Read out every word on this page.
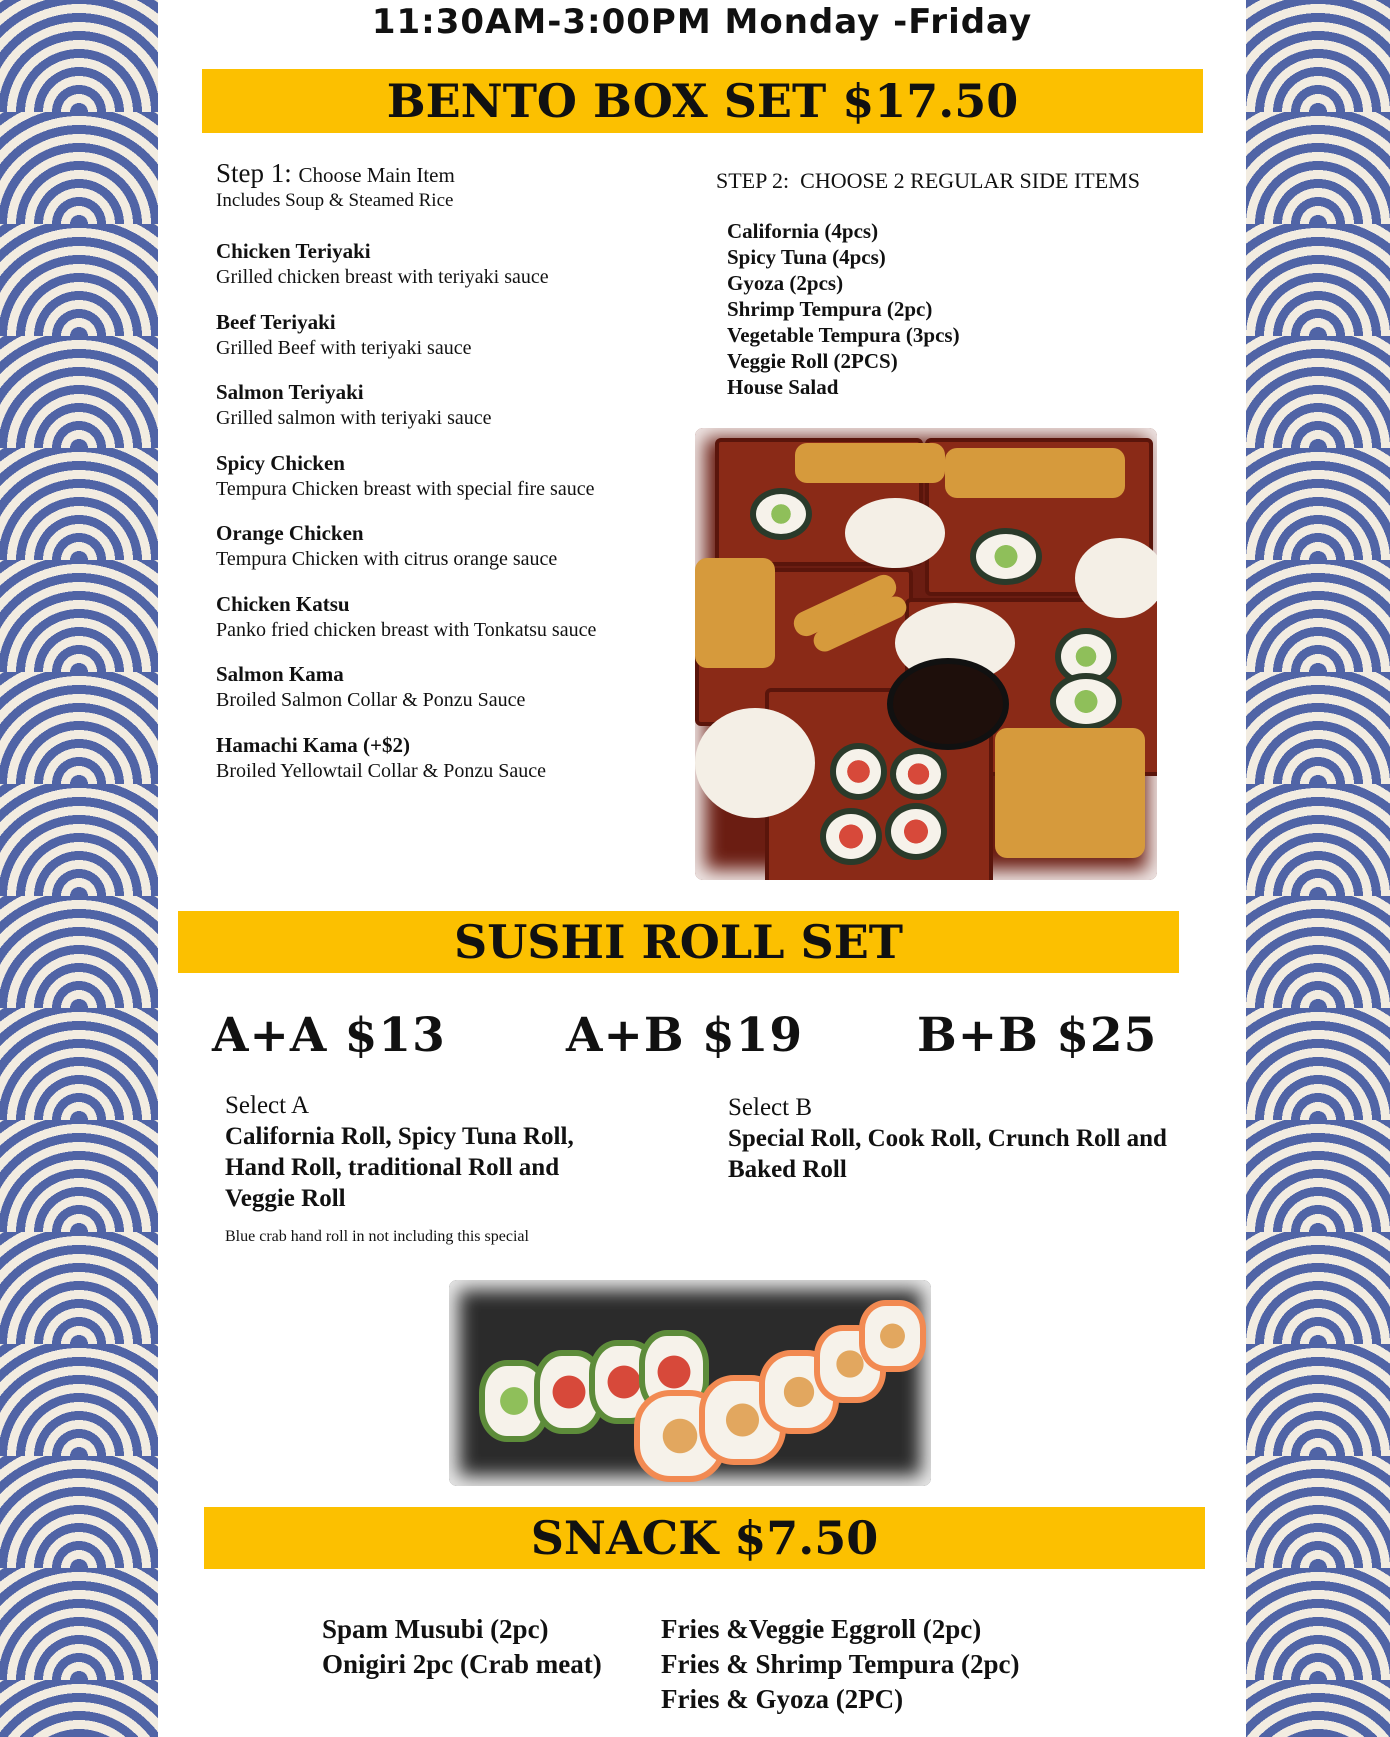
11:30AM-3:00PM Monday -Friday
BENTO BOX SET $17.50
Step 1: Choose Main Item
Includes Soup & Steamed Rice
Chicken Teriyaki
Grilled chicken breast with teriyaki sauce
Beef Teriyaki
Grilled Beef with teriyaki sauce
Salmon Teriyaki
Grilled salmon with teriyaki sauce
Spicy Chicken
Tempura Chicken breast with special fire sauce
Orange Chicken
Tempura Chicken with citrus orange sauce
Chicken Katsu
Panko fried chicken breast with Tonkatsu sauce
Salmon Kama
Broiled Salmon Collar & Ponzu Sauce
Hamachi Kama (+$2)
Broiled Yellowtail Collar & Ponzu Sauce
STEP 2: CHOOSE 2 REGULAR SIDE ITEMS
California (4pcs)
Spicy Tuna (4pcs)
Gyoza (2pcs)
Shrimp Tempura (2pc)
Vegetable Tempura (3pcs)
Veggie Roll (2PCS)
House Salad
SUSHI ROLL SET
A+A $13	A+B $19 B+B $25
Select A
California Roll, Spicy Tuna Roll, Hand Roll, traditional Roll and Veggie Roll
Select B
Special Roll, Cook Roll, Crunch Roll and Baked Roll
Blue crab hand roll in not including this special
SNACK $7.50
Spam Musubi (2pc)
Onigiri 2pc (Crab meat)
Fries &Veggie Eggroll (2pc)
Fries & Shrimp Tempura (2pc)
Fries & Gyoza (2PC)
